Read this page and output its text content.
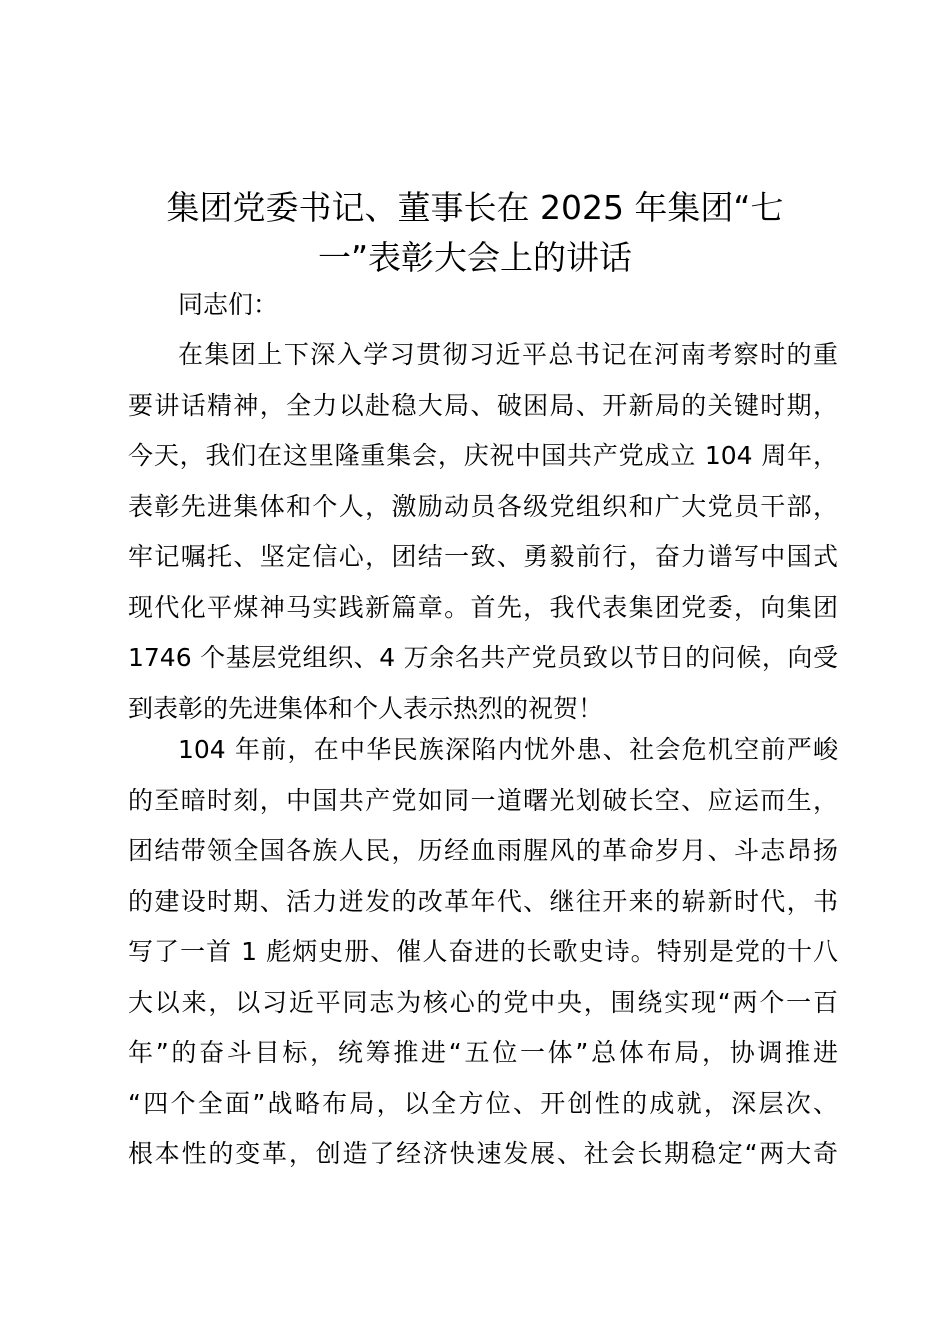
集团党委书记、董事长在 2025 年集团“七
一”表彰大会上的讲话

同志们：

在集团上下深入学习贯彻习近平总书记在河南考察时的重
要讲话精神，全力以赴稳大局、破困局、开新局的关键时期，
今天，我们在这里隆重集会，庆祝中国共产党成立 104 周年，
表彰先进集体和个人，激励动员各级党组织和广大党员干部，
牢记嘱托、坚定信心，团结一致、勇毅前行，奋力谱写中国式
现代化平煤神马实践新篇章。首先，我代表集团党委，向集团
1746 个基层党组织、4 万余名共产党员致以节日的问候，向受
到表彰的先进集体和个人表示热烈的祝贺！
104 年前，在中华民族深陷内忧外患、社会危机空前严峻
的至暗时刻，中国共产党如同一道曙光划破长空、应运而生，
团结带领全国各族人民，历经血雨腥风的革命岁月、斗志昂扬
的建设时期、活力迸发的改革年代、继往开来的崭新时代，书
写了一首 1 彪炳史册、催人奋进的长歌史诗。特别是党的十八
大以来，以习近平同志为核心的党中央，围绕实现“两个一百
年”的奋斗目标，统筹推进“五位一体”总体布局，协调推进
“四个全面”战略布局，以全方位、开创性的成就，深层次、
根本性的变革，创造了经济快速发展、社会长期稳定“两大奇
